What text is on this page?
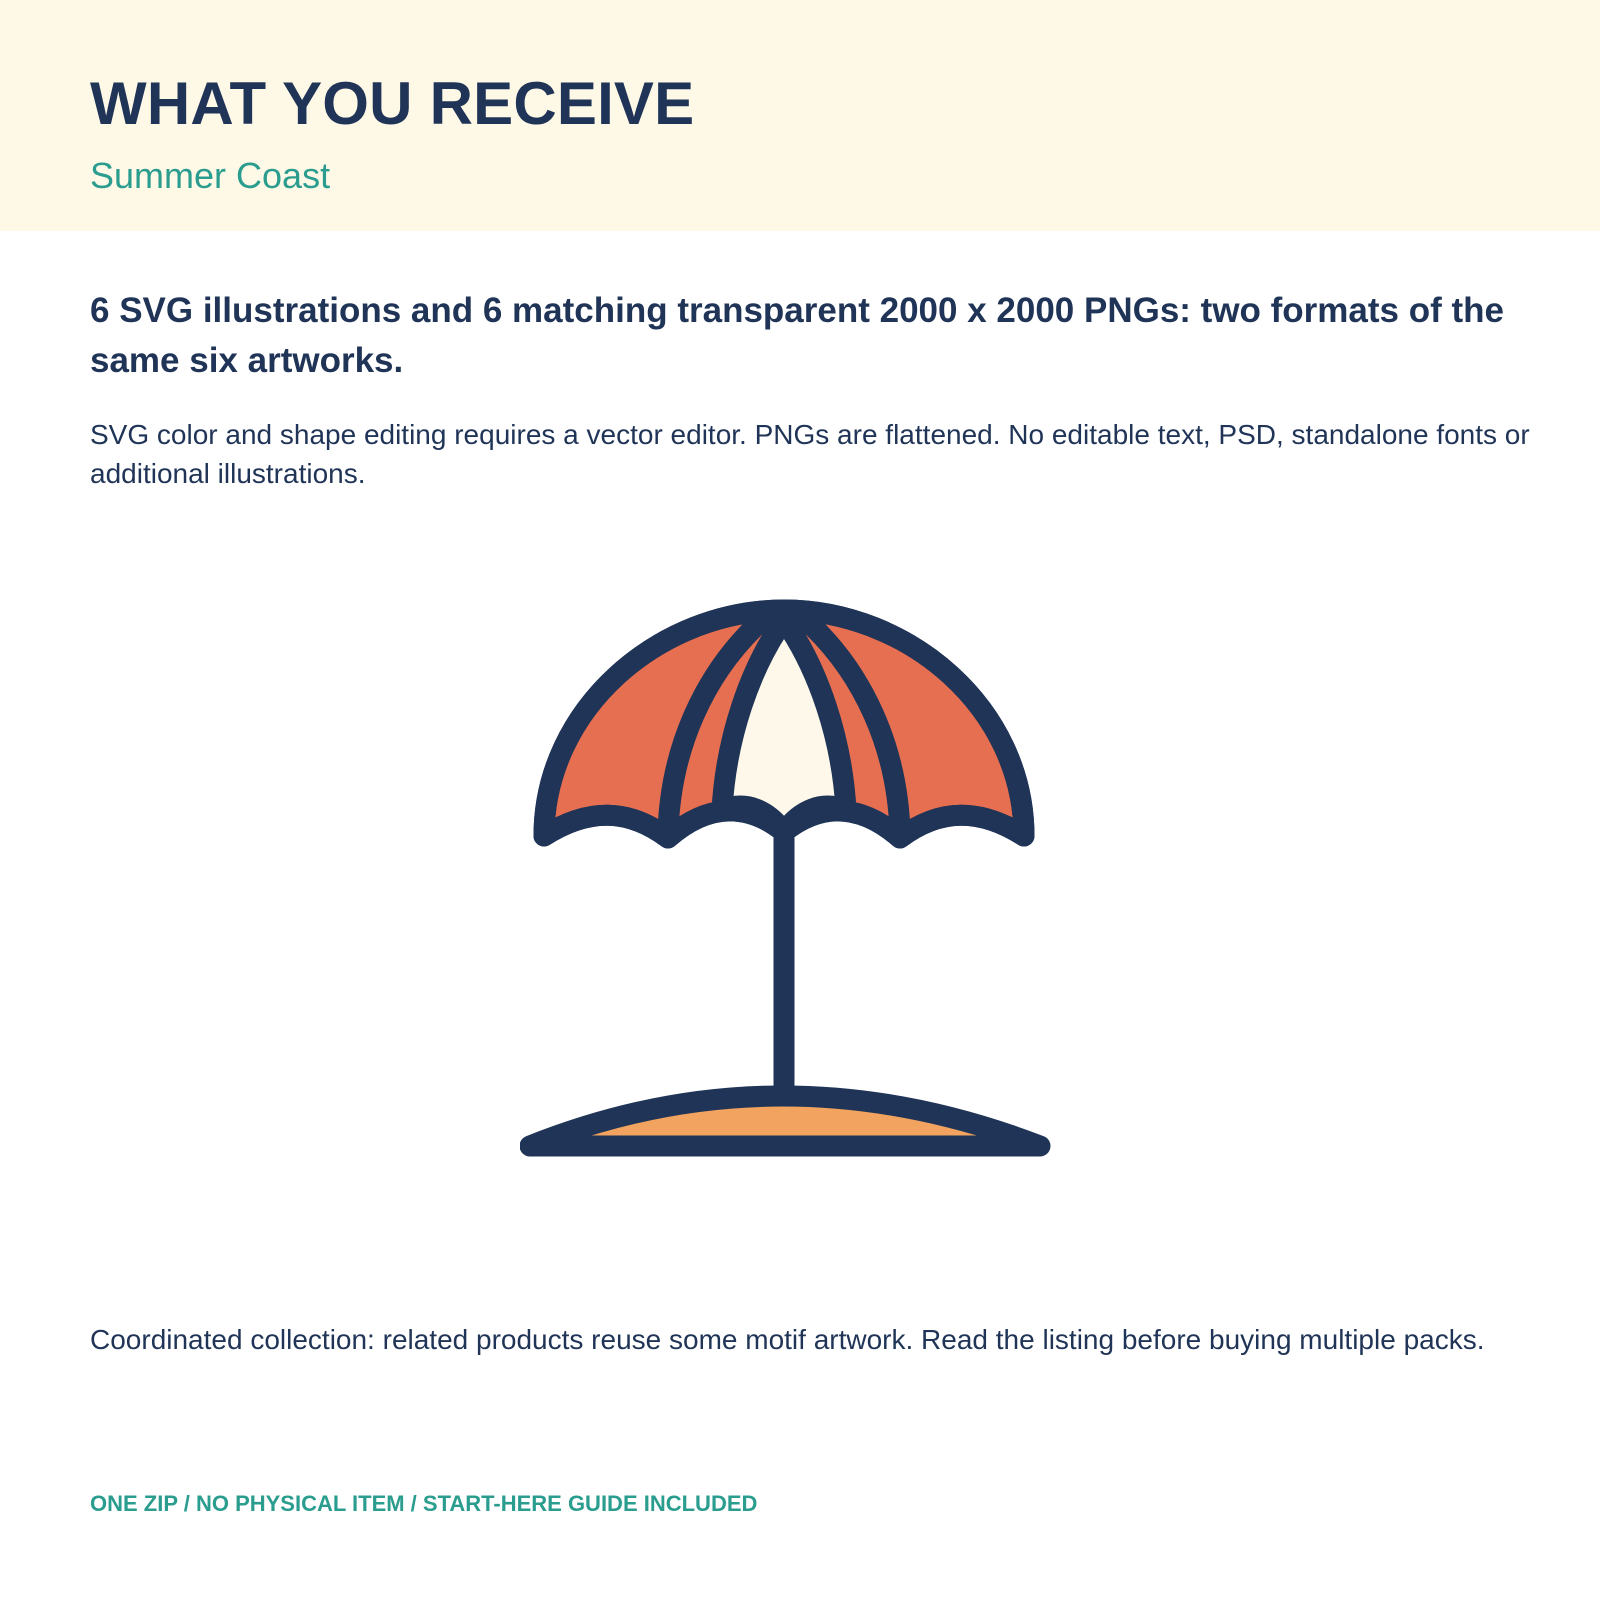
WHAT YOU RECEIVE

Summer Coast

6 SVG illustrations and 6 matching transparent 2000 x 2000 PNGs: two formats of the same six artworks.

SVG color and shape editing requires a vector editor. PNGs are flattened. No editable text, PSD, standalone fonts or additional illustrations.

Coordinated collection: related products reuse some motif artwork. Read the listing before buying multiple packs.

ONE ZIP / NO PHYSICAL ITEM / START-HERE GUIDE INCLUDED
